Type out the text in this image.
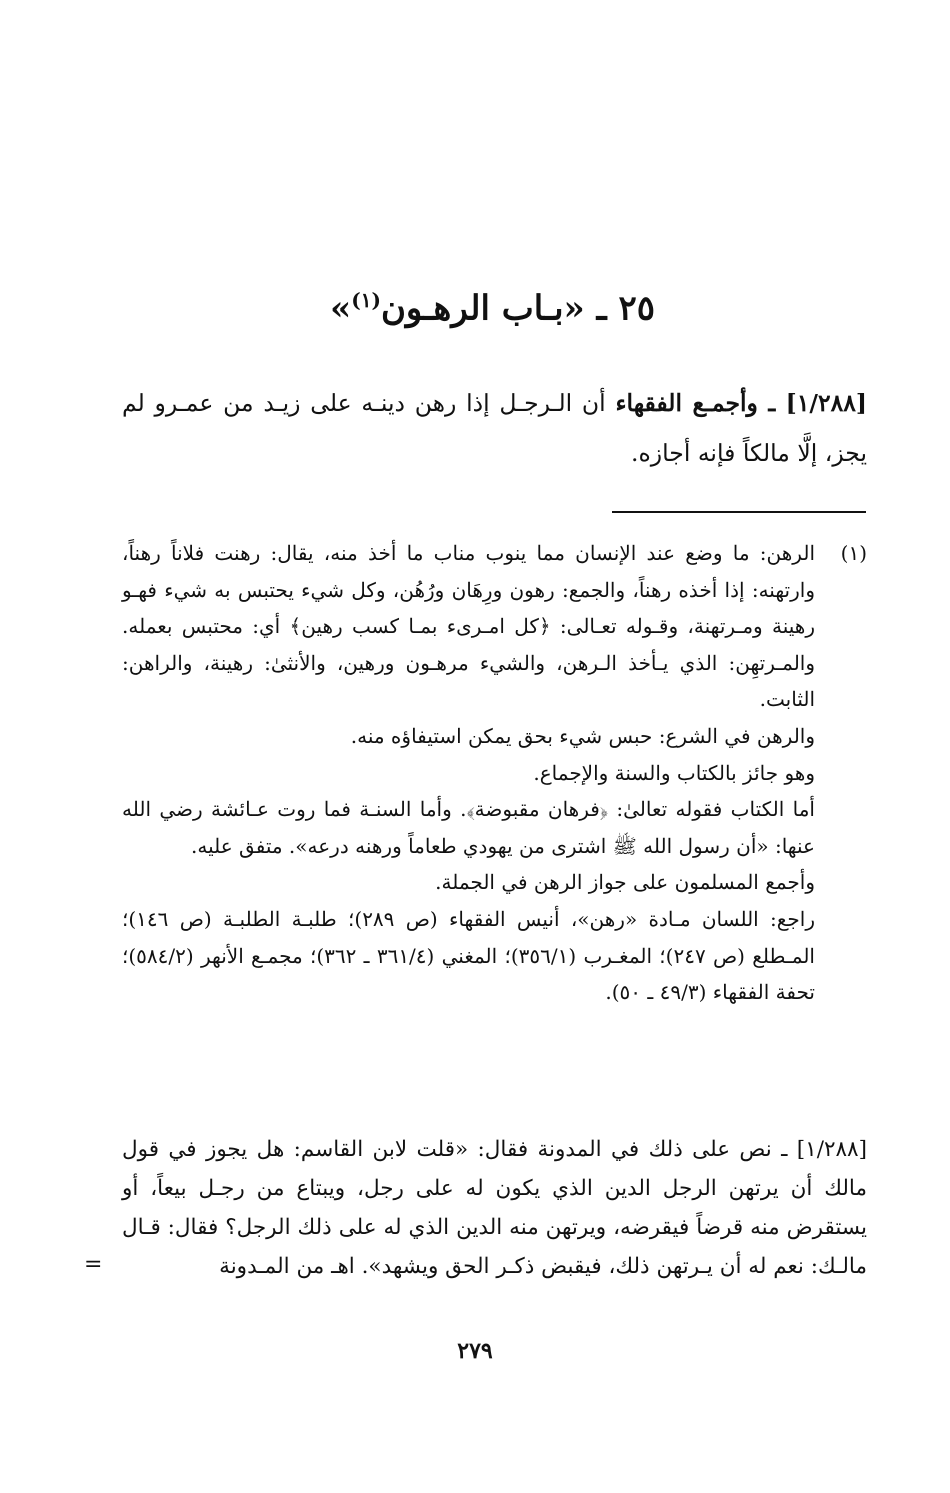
٢٥ ـ «بـاب الرهـون$^{(١)}$»
[١/٢٨٨] ـ وأجمـع الفقهاء أن الـرجـل إذا رهن دينـه على زيـد من عمـرو لم يجز، إلَّا مالكاً فإنه أجازه.
(١)

الرهن: ما وضع عند الإنسان مما ينوب مناب ما أخذ منه، يقال: رهنت فلاناً رهناً، وارتهنه: إذا أخذه رهناً، والجمع: رهون ورِهَان ورُهُن، وكل شيء يحتبس به شيء فهـو رهينة ومـرتهنة، وقـوله تعـالى: ﴿كل امـرىء بمـا كسب رهين﴾ أي: محتبس بعمله. والمـرتهِن: الذي يـأخذ الـرهن، والشيء مرهـون ورهين، والأنثىٰ: رهينة، والراهن: الثابت.

والرهن في الشرع: حبس شيء بحق يمكن استيفاؤه منه.

وهو جائز بالكتاب والسنة والإجماع.

أما الكتاب فقوله تعالىٰ: ﴿فرهان مقبوضة﴾. وأما السنـة فما روت عـائشة رضي الله عنها: «أن رسول الله ﷺ اشترى من يهودي طعاماً ورهنه درعه». متفق عليه.

وأجمع المسلمون على جواز الرهن في الجملة.

راجع: اللسان مـادة «رهن»، أنيس الفقهاء (ص ٢٨٩)؛ طلبـة الطلبـة (ص ١٤٦)؛ المـطلع (ص ٢٤٧)؛ المغـرب (٣٥٦/١)؛ المغني (٣٦١/٤ ـ ٣٦٢)؛ مجمـع الأنهر (٥٨٤/٢)؛ تحفة الفقهاء (٤٩/٣ ـ ٥٠).

[١/٢٨٨] ـ نص على ذلك في المدونة فقال: «قلت لابن القاسم: هل يجوز في قول مالك أن يرتهن الرجل الدين الذي يكون له على رجل، ويبتاع من رجـل بيعاً، أو يستقرض منه قرضاً فيقرضه، ويرتهن منه الدين الذي له على ذلك الرجل؟ فقال: قـال مالـك: نعم له أن يـرتهن ذلك، فيقبض ذكـر الحق ويشهد». اهـ من المـدونة
=
٢٧٩
